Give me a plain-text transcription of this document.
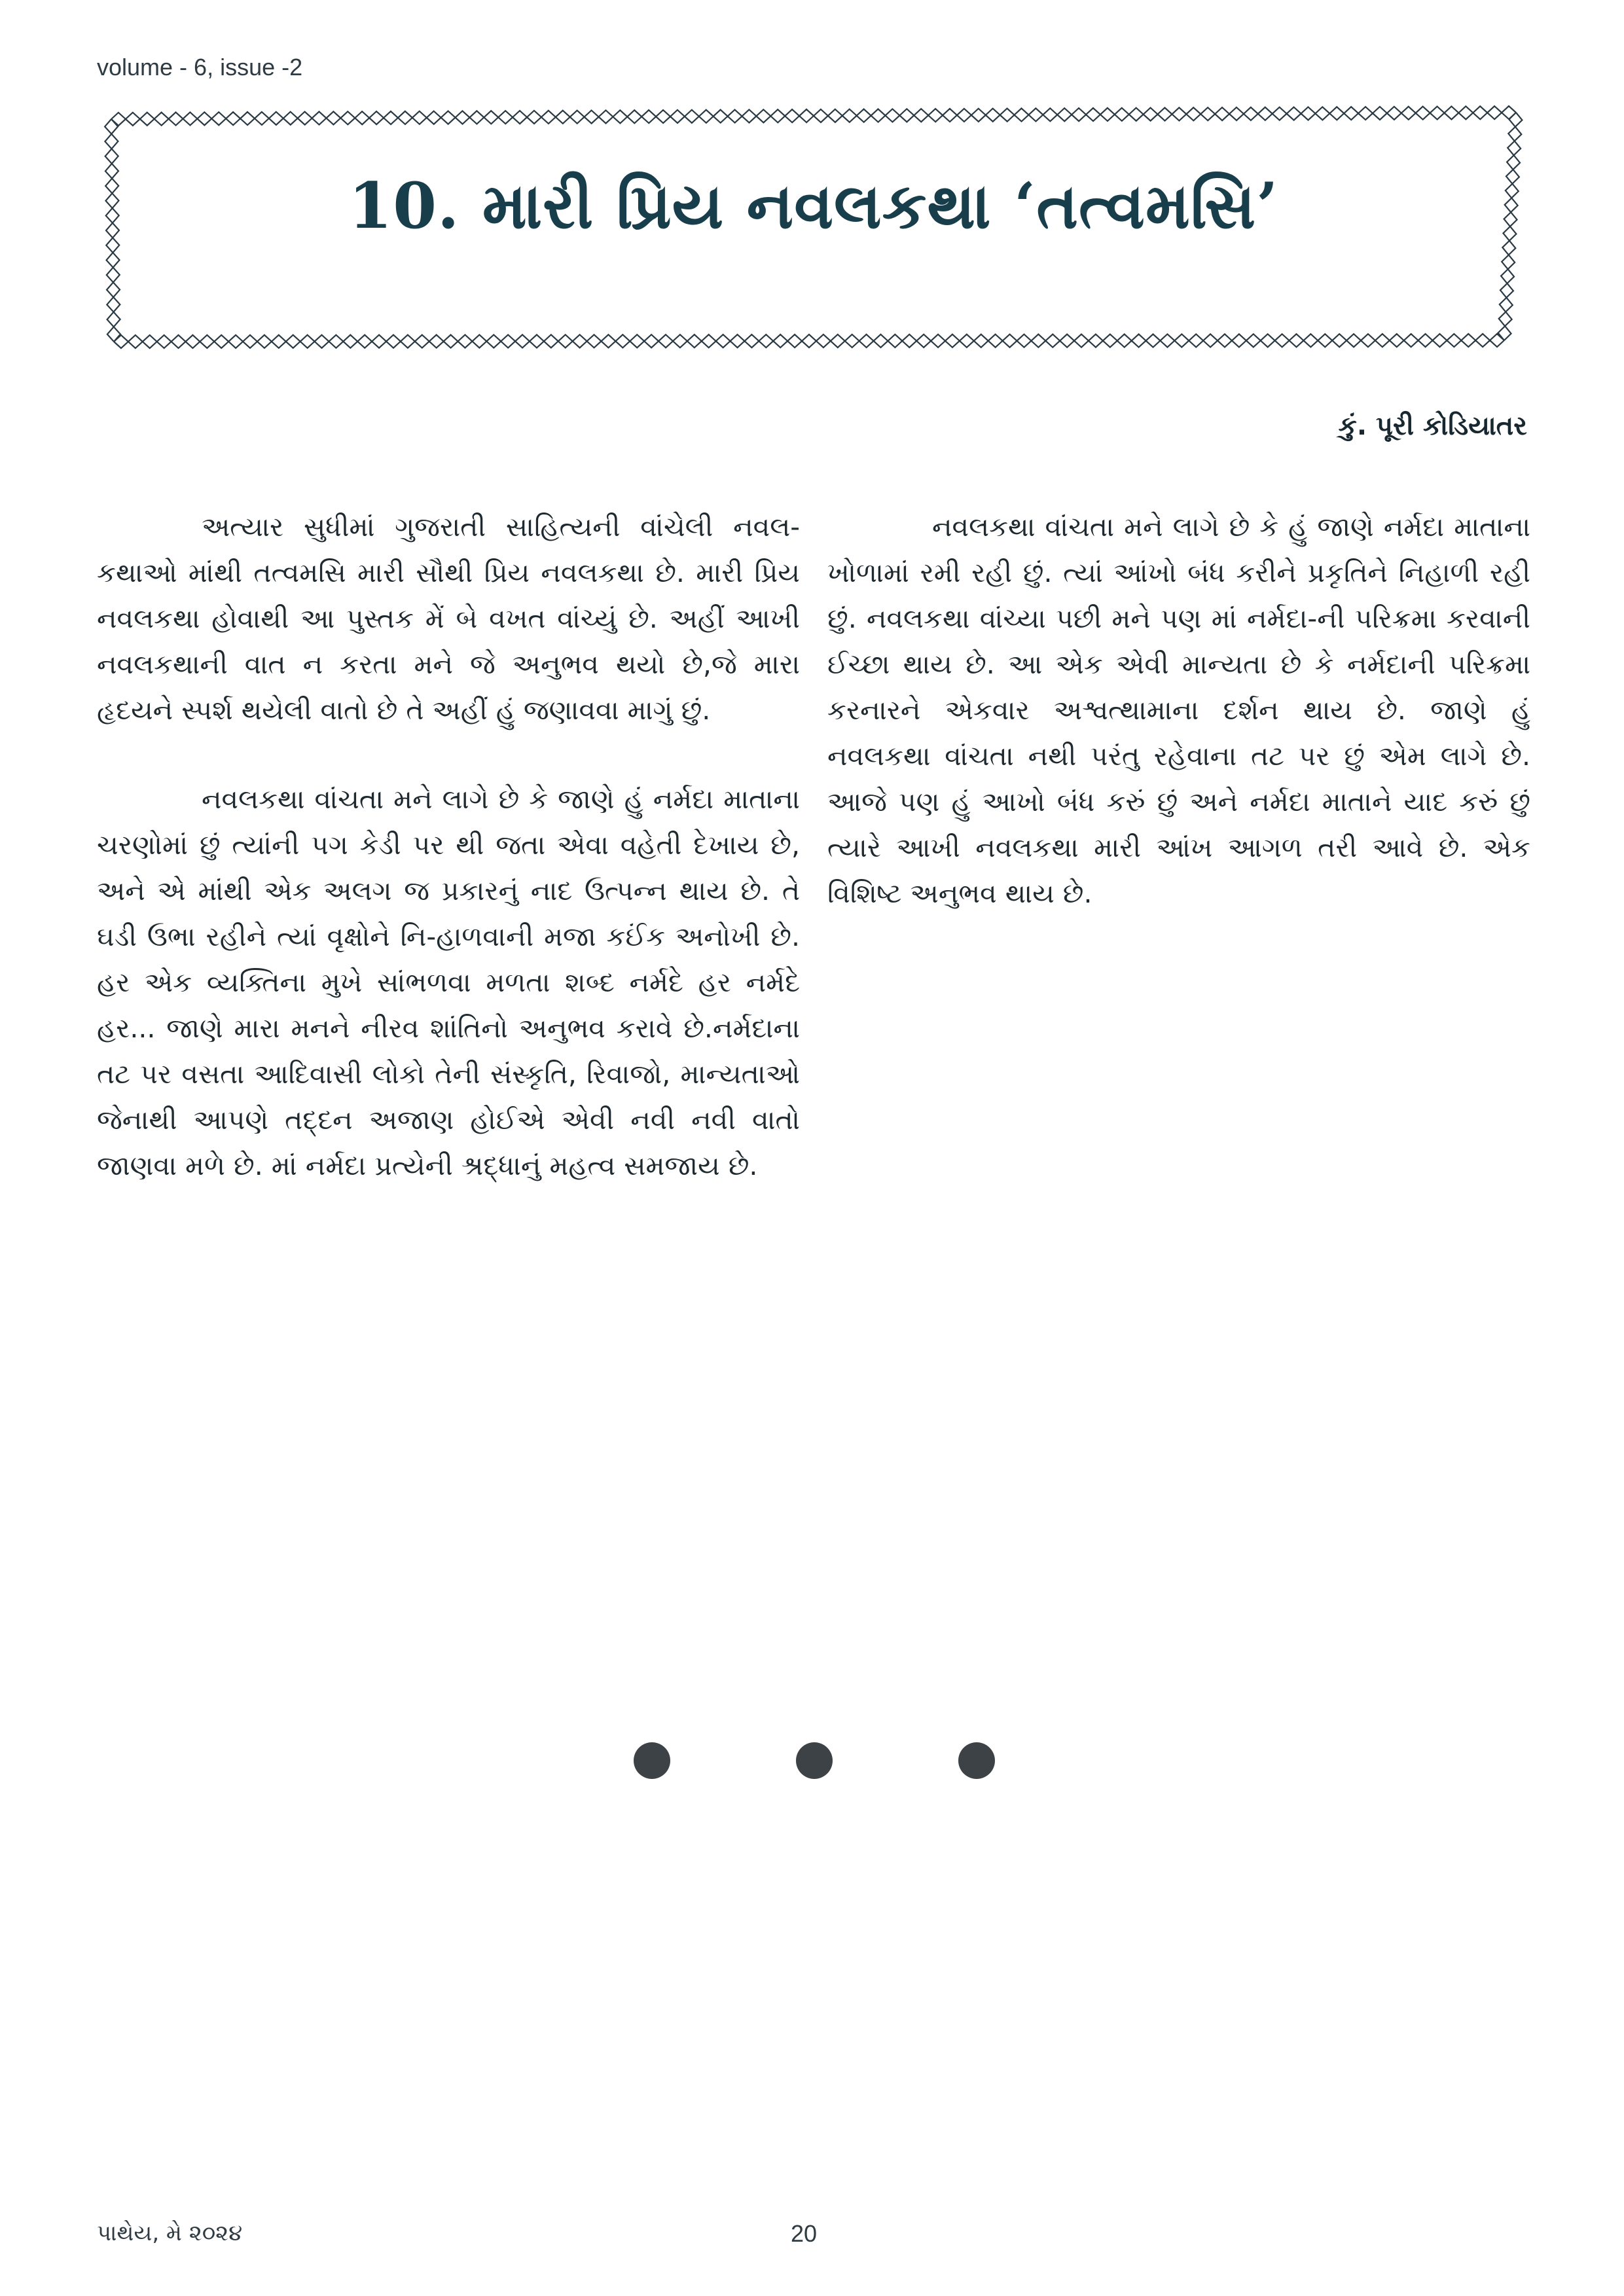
volume - 6, issue -2
10. મારી પ્રિય નવલકથા ‘તત્વમસિ’
કું. પૂરી કોડિયાતર

અત્યાર સુધીમાં ગુજરાતી સાહિત્યની વાંચેલી નવલ-કથાઓ માંથી તત્વમસિ મારી સૌથી પ્રિય નવલકથા છે. મારી પ્રિય નવલકથા હોવાથી આ પુસ્તક મેં બે વખત વાંચ્યું છે. અહીં આખી નવલકથાની વાત ન કરતા મને જે અનુભવ થયો છે,જે મારા હૃદયને સ્પર્શ થયેલી વાતો છે તે અહીં હું જણાવવા માગું છું.

નવલકથા વાંચતા મને લાગે છે કે જાણે હું નર્મદા માતાના ચરણોમાં છું ત્યાંની પગ કેડી પર થી જતા એવા વહેતી દેખાય છે, અને એ માંથી એક અલગ જ પ્રકારનું નાદ ઉત્પન્ન થાય છે. તે ઘડી ઉભા રહીને ત્યાં વૃક્ષોને નિ-હાળવાની મજા કઈંક અનોખી છે. હર એક વ્યક્તિના મુખે સાંભળવા મળતા શબ્દ નર્મદે હર નર્મદે હર... જાણે મારા મનને નીરવ શાંતિનો અનુભવ કરાવે છે.નર્મદાના તટ પર વસતા આદિવાસી લોકો તેની સંસ્કૃતિ, રિવાજો, માન્યતાઓ જેનાથી આપણે તદ્દન અજાણ હોઈએ એવી નવી નવી વાતો જાણવા મળે છે. માં નર્મદા પ્રત્યેની શ્રદ્ધાનું મહત્વ સમજાય છે.

નવલકથા વાંચતા મને લાગે છે કે હું જાણે નર્મદા માતાના ખોળામાં રમી રહી છું. ત્યાં આંખો બંધ કરીને પ્રકૃતિને નિહાળી રહી છું. નવલકથા વાંચ્યા પછી મને પણ માં નર્મદા-ની પરિક્રમા કરવાની ઈચ્છા થાય છે. આ એક એવી માન્યતા છે કે નર્મદાની પરિક્રમા કરનારને એકવાર અશ્વત્થામાના દર્શન થાય છે. જાણે હું નવલકથા વાંચતા નથી પરંતુ રહેવાના તટ પર છું એમ લાગે છે. આજે પણ હું આખો બંધ કરું છું અને નર્મદા માતાને યાદ કરું છું ત્યારે આખી નવલકથા મારી આંખ આગળ તરી આવે છે. એક વિશિષ્ટ અનુભવ થાય છે.

પાથેય, મે ૨૦૨૪	20
